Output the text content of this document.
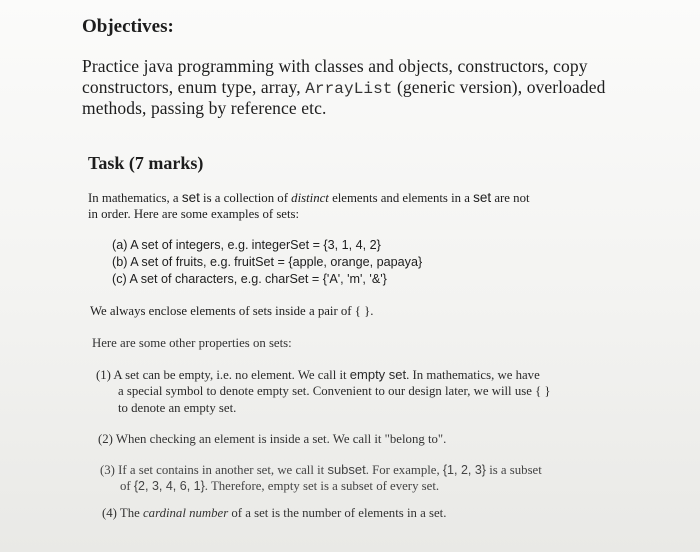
Objectives:
Practice java programming with classes and objects, constructors, copy
constructors, enum type, array, ArrayList (generic version), overloaded
methods, passing by reference etc.
Task (7 marks)
In mathematics, a set is a collection of distinct elements and elements in a set are not
in order. Here are some examples of sets:
(a) A set of integers, e.g. integerSet = {3, 1, 4, 2}
(b) A set of fruits, e.g. fruitSet = {apple, orange, papaya}
(c) A set of characters, e.g. charSet = {'A', 'm', '&'}
We always enclose elements of sets inside a pair of { }.
Here are some other properties on sets:
(1) A set can be empty, i.e. no element. We call it empty set. In mathematics, we have
a special symbol to denote empty set. Convenient to our design later, we will use { }
to denote an empty set.
(2) When checking an element is inside a set. We call it "belong to".
(3) If a set contains in another set, we call it subset. For example, {1, 2, 3} is a subset
of {2, 3, 4, 6, 1}. Therefore, empty set is a subset of every set.
(4) The cardinal number of a set is the number of elements in a set.
